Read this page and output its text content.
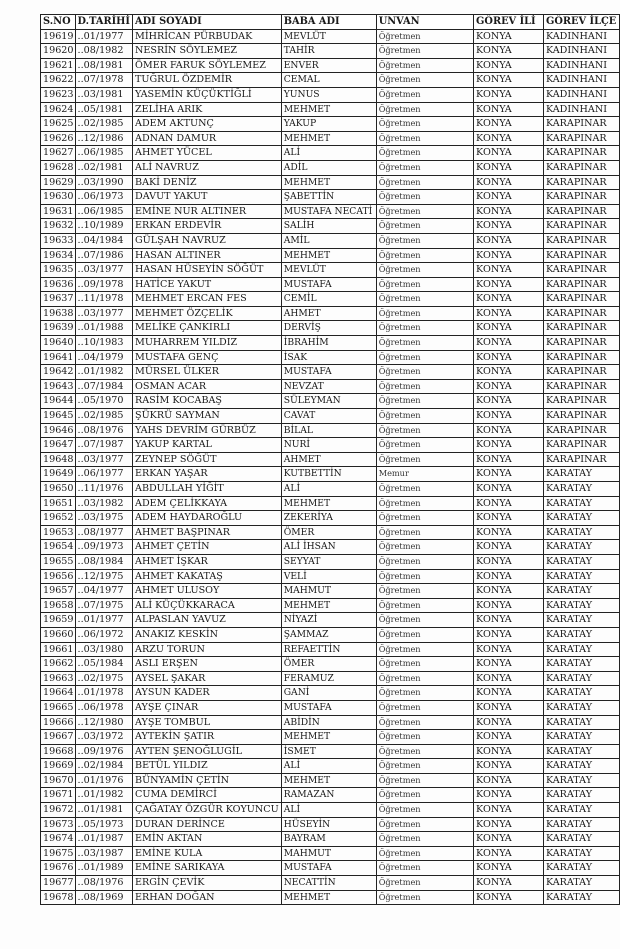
S.NO	D.TARİHİ	ADI SOYADI	BABA ADI	UNVAN	GÖREV İLİ	GÖREV İLÇE
19619	..01/1977	MİHRİCAN PÜRBUDAK	MEVLÜT	Öğretmen	KONYA	KADINHANI
19620	..08/1982	NESRİN SÖYLEMEZ	TAHİR	Öğretmen	KONYA	KADINHANI
19621	..08/1981	ÖMER FARUK SÖYLEMEZ	ENVER	Öğretmen	KONYA	KADINHANI
19622	..07/1978	TUĞRUL ÖZDEMİR	CEMAL	Öğretmen	KONYA	KADINHANI
19623	..03/1981	YASEMİN KÜÇÜKTİĞLİ	YUNUS	Öğretmen	KONYA	KADINHANI
19624	..05/1981	ZELİHA ARIK	MEHMET	Öğretmen	KONYA	KADINHANI
19625	..02/1985	ADEM AKTUNÇ	YAKUP	Öğretmen	KONYA	KARAPINAR
19626	..12/1986	ADNAN DAMUR	MEHMET	Öğretmen	KONYA	KARAPINAR
19627	..06/1985	AHMET YÜCEL	ALİ	Öğretmen	KONYA	KARAPINAR
19628	..02/1981	ALİ NAVRUZ	ADİL	Öğretmen	KONYA	KARAPINAR
19629	..03/1990	BAKİ DENİZ	MEHMET	Öğretmen	KONYA	KARAPINAR
19630	..06/1973	DAVUT YAKUT	ŞABETTİN	Öğretmen	KONYA	KARAPINAR
19631	..06/1985	EMİNE NUR ALTINER	MUSTAFA NECATİ	Öğretmen	KONYA	KARAPINAR
19632	..10/1989	ERKAN ERDEVİR	SALİH	Öğretmen	KONYA	KARAPINAR
19633	..04/1984	GÜLŞAH NAVRUZ	AMİL	Öğretmen	KONYA	KARAPINAR
19634	..07/1986	HASAN ALTINER	MEHMET	Öğretmen	KONYA	KARAPINAR
19635	..03/1977	HASAN HÜSEYİN SÖĞÜT	MEVLÜT	Öğretmen	KONYA	KARAPINAR
19636	..09/1978	HATİCE YAKUT	MUSTAFA	Öğretmen	KONYA	KARAPINAR
19637	..11/1978	MEHMET ERCAN FES	CEMİL	Öğretmen	KONYA	KARAPINAR
19638	..03/1977	MEHMET ÖZÇELİK	AHMET	Öğretmen	KONYA	KARAPINAR
19639	..01/1988	MELİKE ÇANKIRLI	DERVİŞ	Öğretmen	KONYA	KARAPINAR
19640	..10/1983	MUHARREM YILDIZ	İBRAHİM	Öğretmen	KONYA	KARAPINAR
19641	..04/1979	MUSTAFA GENÇ	İSAK	Öğretmen	KONYA	KARAPINAR
19642	..01/1982	MÜRSEL ÜLKER	MUSTAFA	Öğretmen	KONYA	KARAPINAR
19643	..07/1984	OSMAN ACAR	NEVZAT	Öğretmen	KONYA	KARAPINAR
19644	..05/1970	RASİM KOCABAŞ	SÜLEYMAN	Öğretmen	KONYA	KARAPINAR
19645	..02/1985	ŞÜKRÜ SAYMAN	CAVAT	Öğretmen	KONYA	KARAPINAR
19646	..08/1976	YAHS DEVRİM GÜRBÜZ	BİLAL	Öğretmen	KONYA	KARAPINAR
19647	..07/1987	YAKUP KARTAL	NURİ	Öğretmen	KONYA	KARAPINAR
19648	..03/1977	ZEYNEP SÖĞÜT	AHMET	Öğretmen	KONYA	KARAPINAR
19649	..06/1977	ERKAN YAŞAR	KUTBETTİN	Memur	KONYA	KARATAY
19650	..11/1976	ABDULLAH YİĞİT	ALİ	Öğretmen	KONYA	KARATAY
19651	..03/1982	ADEM ÇELİKKAYA	MEHMET	Öğretmen	KONYA	KARATAY
19652	..03/1975	ADEM HAYDAROĞLU	ZEKERİYA	Öğretmen	KONYA	KARATAY
19653	..08/1977	AHMET BAŞPINAR	ÖMER	Öğretmen	KONYA	KARATAY
19654	..09/1973	AHMET ÇETİN	ALİ İHSAN	Öğretmen	KONYA	KARATAY
19655	..08/1984	AHMET İŞKAR	SEYYAT	Öğretmen	KONYA	KARATAY
19656	..12/1975	AHMET KAKATAŞ	VELİ	Öğretmen	KONYA	KARATAY
19657	..04/1977	AHMET ULUSOY	MAHMUT	Öğretmen	KONYA	KARATAY
19658	..07/1975	ALİ KÜÇÜKKARACA	MEHMET	Öğretmen	KONYA	KARATAY
19659	..01/1977	ALPASLAN YAVUZ	NİYAZİ	Öğretmen	KONYA	KARATAY
19660	..06/1972	ANAKIZ KESKİN	ŞAMMAZ	Öğretmen	KONYA	KARATAY
19661	..03/1980	ARZU TORUN	REFAETTİN	Öğretmen	KONYA	KARATAY
19662	..05/1984	ASLI ERŞEN	ÖMER	Öğretmen	KONYA	KARATAY
19663	..02/1975	AYSEL ŞAKAR	FERAMUZ	Öğretmen	KONYA	KARATAY
19664	..01/1978	AYSUN KADER	GANİ	Öğretmen	KONYA	KARATAY
19665	..06/1978	AYŞE ÇINAR	MUSTAFA	Öğretmen	KONYA	KARATAY
19666	..12/1980	AYŞE TOMBUL	ABİDİN	Öğretmen	KONYA	KARATAY
19667	..03/1972	AYTEKİN ŞATIR	MEHMET	Öğretmen	KONYA	KARATAY
19668	..09/1976	AYTEN ŞENOĞLUGİL	İSMET	Öğretmen	KONYA	KARATAY
19669	..02/1984	BETÜL YILDIZ	ALİ	Öğretmen	KONYA	KARATAY
19670	..01/1976	BÜNYAMİN ÇETİN	MEHMET	Öğretmen	KONYA	KARATAY
19671	..01/1982	CUMA DEMİRCİ	RAMAZAN	Öğretmen	KONYA	KARATAY
19672	..01/1981	ÇAĞATAY ÖZGÜR KOYUNCU	ALİ	Öğretmen	KONYA	KARATAY
19673	..05/1973	DURAN DERİNCE	HÜSEYİN	Öğretmen	KONYA	KARATAY
19674	..01/1987	EMİN AKTAN	BAYRAM	Öğretmen	KONYA	KARATAY
19675	..03/1987	EMİNE KULA	MAHMUT	Öğretmen	KONYA	KARATAY
19676	..01/1989	EMİNE SARIKAYA	MUSTAFA	Öğretmen	KONYA	KARATAY
19677	..08/1976	ERGİN ÇEVİK	NECATTİN	Öğretmen	KONYA	KARATAY
19678	..08/1969	ERHAN DOĞAN	MEHMET	Öğretmen	KONYA	KARATAY
